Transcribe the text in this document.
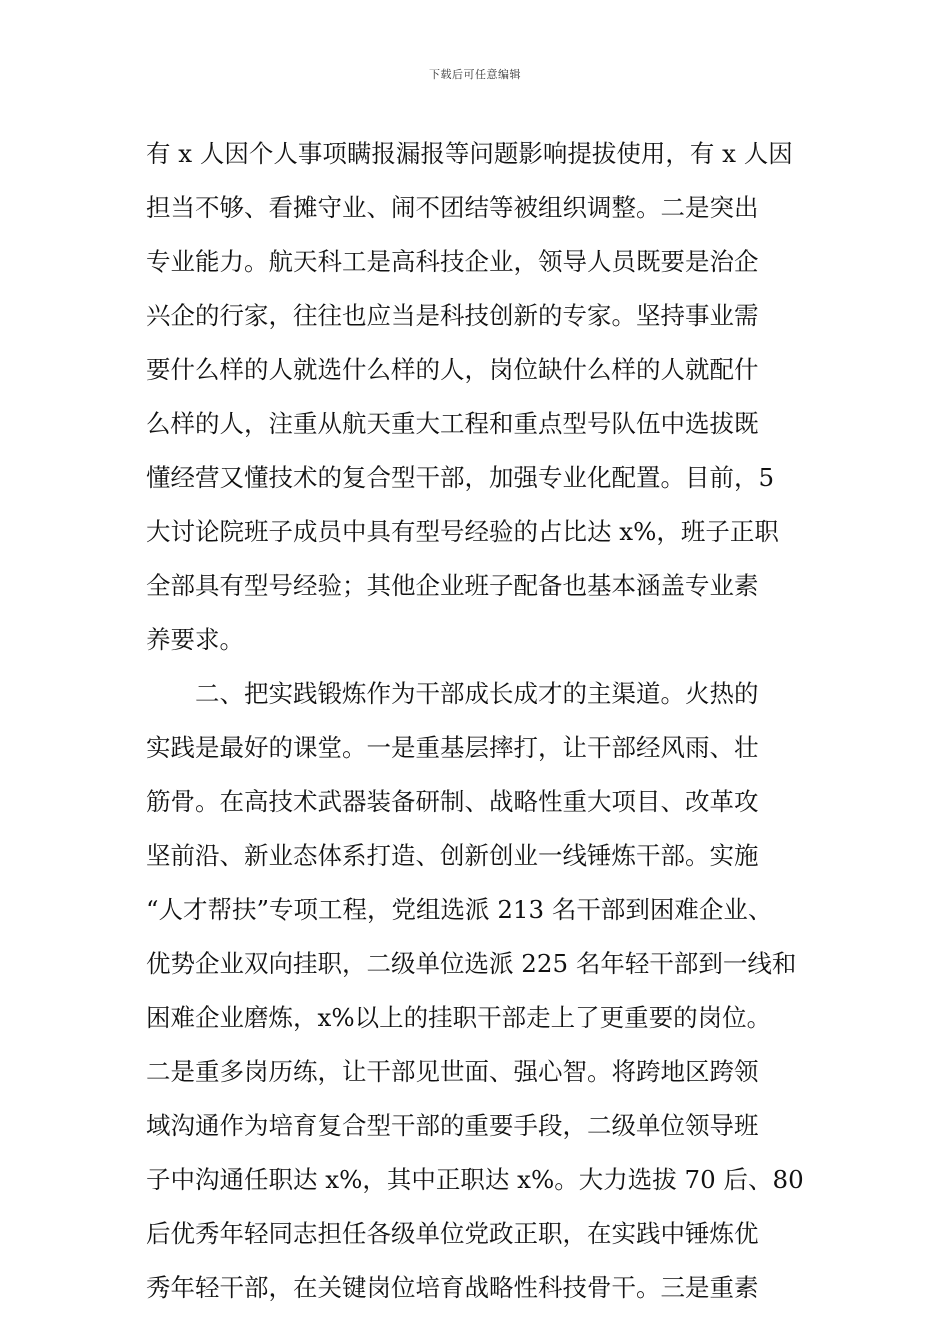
下载后可任意编辑
有 x 人因个人事项瞒报漏报等问题影响提拔使用，有 x 人因
担当不够、看摊守业、闹不团结等被组织调整。二是突出
专业能力。航天科工是高科技企业，领导人员既要是治企
兴企的行家，往往也应当是科技创新的专家。坚持事业需
要什么样的人就选什么样的人，岗位缺什么样的人就配什
么样的人，注重从航天重大工程和重点型号队伍中选拔既
懂经营又懂技术的复合型干部，加强专业化配置。目前，5
大讨论院班子成员中具有型号经验的占比达 x%，班子正职
全部具有型号经验；其他企业班子配备也基本涵盖专业素
养要求。
二、把实践锻炼作为干部成长成才的主渠道。火热的
实践是最好的课堂。一是重基层摔打，让干部经风雨、壮
筋骨。在高技术武器装备研制、战略性重大项目、改革攻
坚前沿、新业态体系打造、创新创业一线锤炼干部。实施
“人才帮扶”专项工程，党组选派 213 名干部到困难企业、
优势企业双向挂职，二级单位选派 225 名年轻干部到一线和
困难企业磨炼，x%以上的挂职干部走上了更重要的岗位。
二是重多岗历练，让干部见世面、强心智。将跨地区跨领
域沟通作为培育复合型干部的重要手段，二级单位领导班
子中沟通任职达 x%，其中正职达 x%。大力选拔 70 后、80
后优秀年轻同志担任各级单位党政正职，在实践中锤炼优
秀年轻干部，在关键岗位培育战略性科技骨干。三是重素
